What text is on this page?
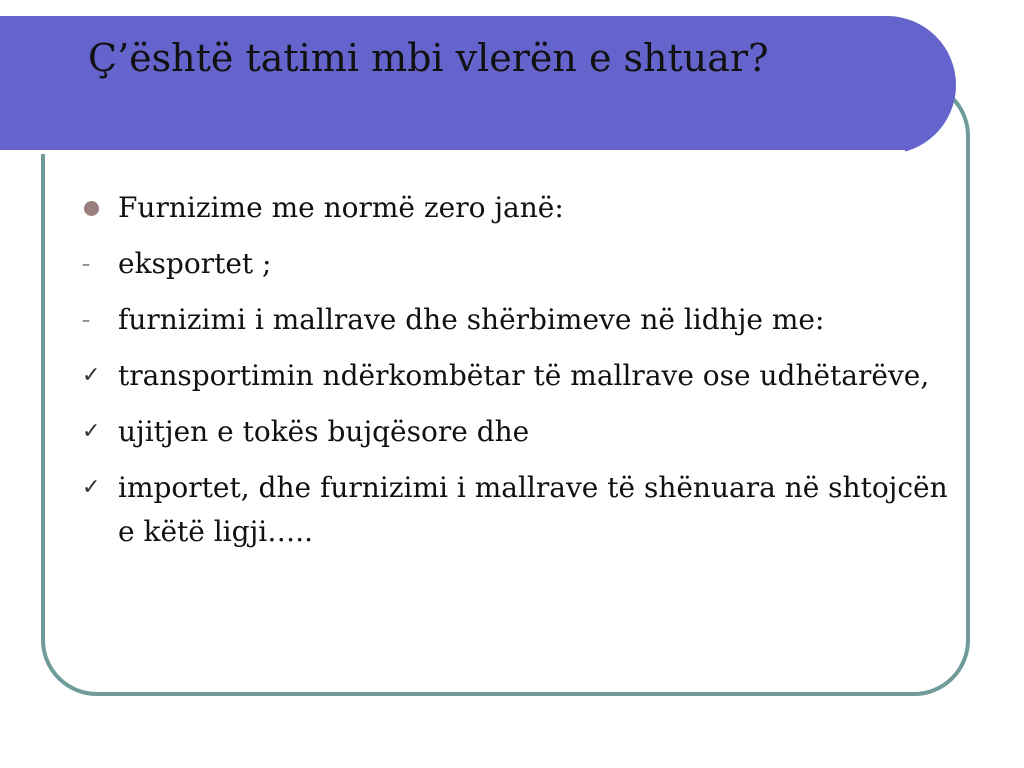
Ç’është tatimi mbi vlerën e shtuar?
Furnizime me normë zero janë:
–	eksportet ;
–	furnizimi i mallrave dhe shërbimeve në lidhje me:
✓ transportimin ndërkombëtar të mallrave ose udhëtarëve,
✓ ujitjen e tokës bujqësore dhe
✓ importet, dhe furnizimi i mallrave të shënuara në shtojcën e këtë ligji…..
